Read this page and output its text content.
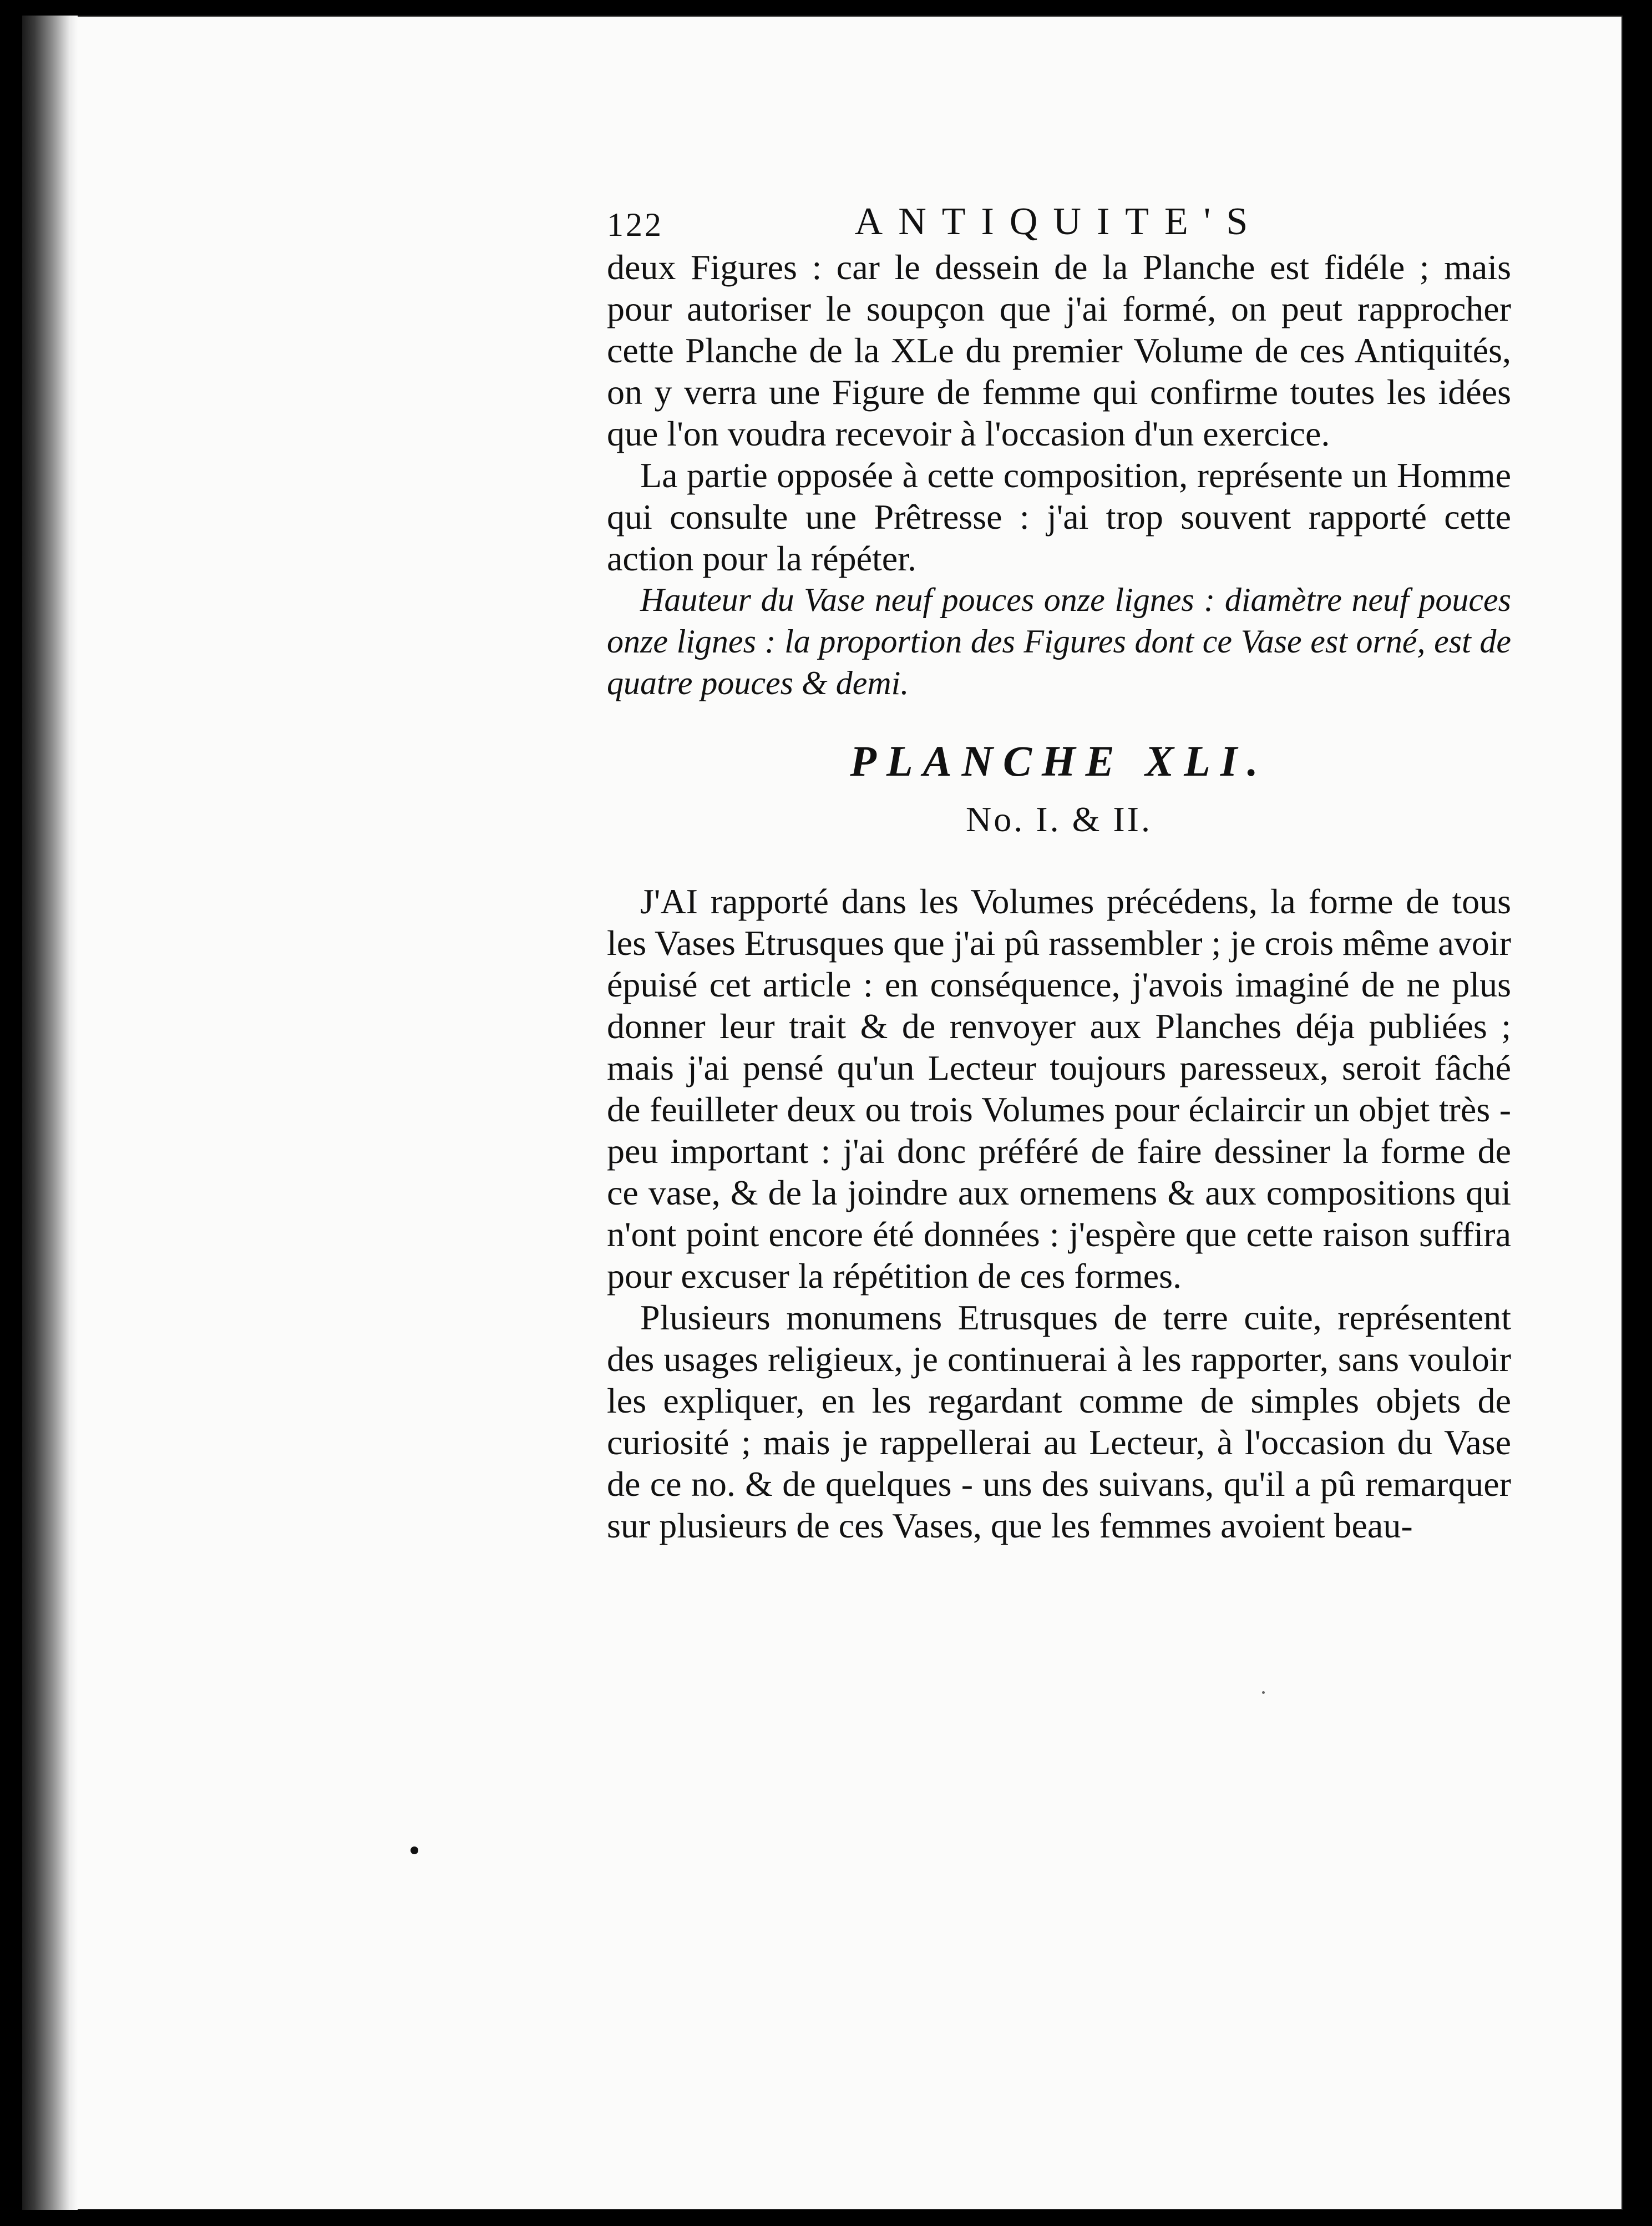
122	ANTIQUITE'S

deux Figures : car le dessein de la Planche est fidéle ; mais pour autoriser le soupçon que j'ai formé, on peut rapprocher cette Planche de la XLe du premier Volume de ces Antiquités, on y verra une Figure de femme qui confirme toutes les idées que l'on voudra recevoir à l'occasion d'un exercice.

La partie opposée à cette composition, représente un Homme qui consulte une Prêtresse : j'ai trop souvent rapporté cette action pour la répéter.

Hauteur du Vase neuf pouces onze lignes : diamètre neuf pouces onze lignes : la proportion des Figures dont ce Vase est orné, est de quatre pouces & demi.

PLANCHE XLI.
No. I. & II.

J'AI rapporté dans les Volumes précédens, la forme de tous les Vases Etrusques que j'ai pû rassembler ; je crois même avoir épuisé cet article : en conséquence, j'avois imaginé de ne plus donner leur trait & de renvoyer aux Planches déja publiées ; mais j'ai pensé qu'un Lecteur toujours paresseux, seroit fâché de feuilleter deux ou trois Volumes pour éclaircir un objet très - peu important : j'ai donc préféré de faire dessiner la forme de ce vase, & de la joindre aux ornemens & aux compositions qui n'ont point encore été données : j'espère que cette raison suffira pour excuser la répétition de ces formes.

Plusieurs monumens Etrusques de terre cuite, représentent des usages religieux, je continuerai à les rapporter, sans vouloir les expliquer, en les regardant comme de simples objets de curiosité ; mais je rappellerai au Lecteur, à l'occasion du Vase de ce no. & de quelques - uns des suivans, qu'il a pû remarquer sur plusieurs de ces Vases, que les femmes avoient beau-
